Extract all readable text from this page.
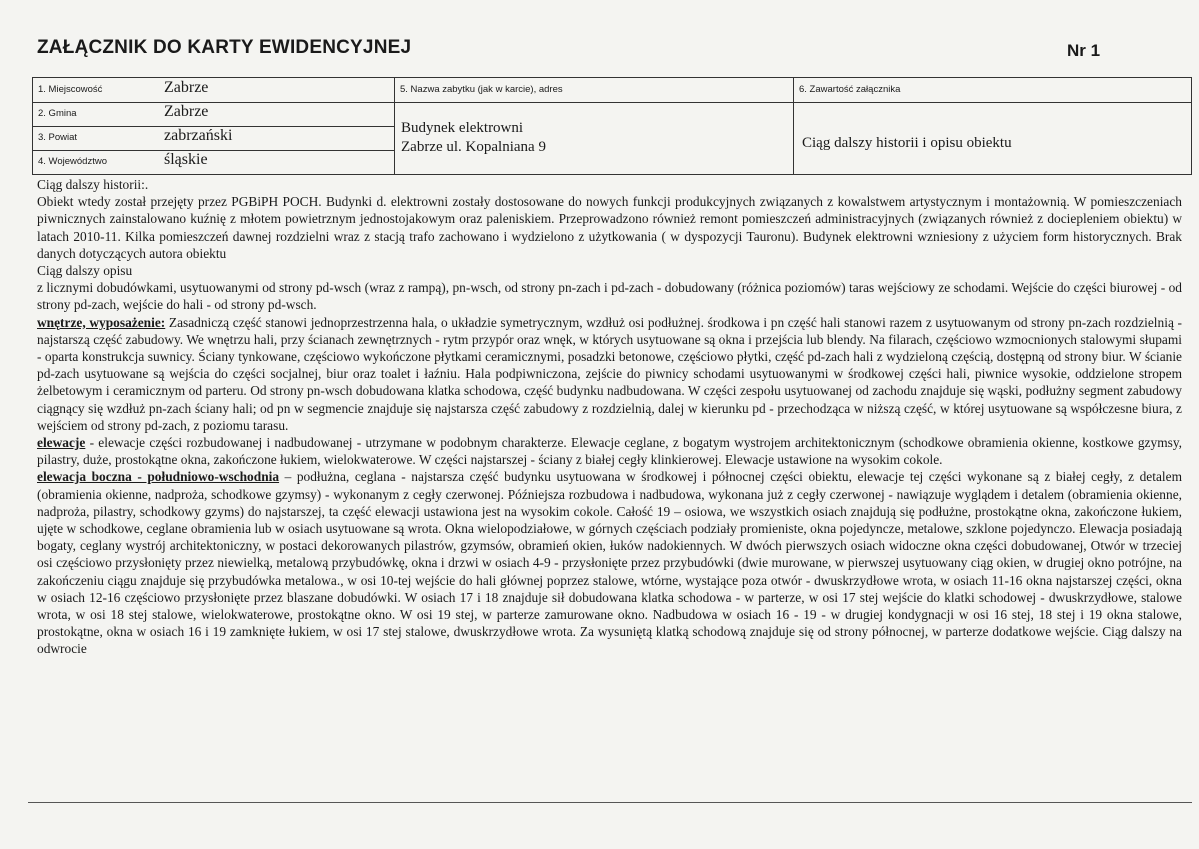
ZAŁĄCZNIK DO KARTY EWIDENCYJNEJ	Nr 1
1. Miejscowość	Zabrze
2. Gmina	Zabrze
3. Powiat	zabrzański
4. Województwo	śląskie
5. Nazwa zabytku (jak w karcie), adres
Budynek elektrowni
Zabrze ul. Kopalniana 9
6. Zawartość załącznika
Ciąg dalszy historii i opisu obiektu

Ciąg dalszy historii:.

Obiekt wtedy został przejęty przez PGBiPH POCH. Budynki d. elektrowni zostały dostosowane do nowych funkcji produkcyjnych związanych z kowalstwem artystycznym i montażownią. W pomieszczeniach piwnicznych zainstalowano kuźnię z młotem powietrznym jednostojakowym oraz paleniskiem. Przeprowadzono również remont pomieszczeń administracyjnych (związanych również z dociepleniem obiektu) w latach 2010-11. Kilka pomieszczeń dawnej rozdzielni wraz z stacją trafo zachowano i wydzielono z użytkowania ( w dyspozycji Tauronu). Budynek elektrowni wzniesiony z użyciem form historycznych. Brak danych dotyczących autora obiektu

Ciąg dalszy opisu

z licznymi dobudówkami, usytuowanymi od strony pd-wsch (wraz z rampą), pn-wsch, od strony pn-zach i pd-zach - dobudowany (różnica poziomów) taras wejściowy ze schodami. Wejście do części biurowej - od strony pd-zach, wejście do hali - od strony pd-wsch.

wnętrze, wyposażenie: Zasadniczą część stanowi jednoprzestrzenna hala, o układzie symetrycznym, wzdłuż osi podłużnej. środkowa i pn część hali stanowi razem z usytuowanym od strony pn-zach rozdzielnią - najstarszą część zabudowy. We wnętrzu hali, przy ścianach zewnętrznych - rytm przypór oraz wnęk, w których usytuowane są okna i przejścia lub blendy. Na filarach, częściowo wzmocnionych stalowymi słupami - oparta konstrukcja suwnicy. Ściany tynkowane, częściowo wykończone płytkami ceramicznymi, posadzki betonowe, częściowo płytki, część pd-zach hali z wydzieloną częścią, dostępną od strony biur. W ścianie pd-zach usytuowane są wejścia do części socjalnej, biur oraz toalet i łaźniu. Hala podpiwniczona, zejście do piwnicy schodami usytuowanymi w środkowej części hali, piwnice wysokie, oddzielone stropem żelbetowym i ceramicznym od parteru. Od strony pn-wsch dobudowana klatka schodowa, część budynku nadbudowana. W części zespołu usytuowanej od zachodu znajduje się wąski, podłużny segment zabudowy ciągnący się wzdłuż pn-zach ściany hali; od pn w segmencie znajduje się najstarsza część zabudowy z rozdzielnią, dalej w kierunku pd - przechodząca w niższą część, w której usytuowane są współczesne biura, z wejściem od strony pd-zach, z poziomu tarasu.

elewacje - elewacje części rozbudowanej i nadbudowanej - utrzymane w podobnym charakterze. Elewacje ceglane, z bogatym wystrojem architektonicznym (schodkowe obramienia okienne, kostkowe gzymsy, pilastry, duże, prostokątne okna, zakończone łukiem, wielokwaterowe. W części najstarszej - ściany z białej cegły klinkierowej. Elewacje ustawione na wysokim cokole.

elewacja boczna - południowo-wschodnia – podłużna, ceglana - najstarsza część budynku usytuowana w środkowej i północnej części obiektu, elewacje tej części wykonane są z białej cegły, z detalem (obramienia okienne, nadproża, schodkowe gzymsy) - wykonanym z cegły czerwonej. Późniejsza rozbudowa i nadbudowa, wykonana już z cegły czerwonej - nawiązuje wyglądem i detalem (obramienia okienne, nadproża, pilastry, schodkowy gzyms) do najstarszej, ta część elewacji ustawiona jest na wysokim cokole. Całość 19 – osiowa, we wszystkich osiach znajdują się podłużne, prostokątne okna, zakończone łukiem, ujęte w schodkowe, ceglane obramienia lub w osiach usytuowane są wrota. Okna wielopodziałowe, w górnych częściach podziały promieniste, okna pojedyncze, metalowe, szklone pojedynczo. Elewacja posiadają bogaty, ceglany wystrój architektoniczny, w postaci dekorowanych pilastrów, gzymsów, obramień okien, łuków nadokiennych. W dwóch pierwszych osiach widoczne okna części dobudowanej, Otwór w trzeciej osi częściowo przysłonięty przez niewielką, metalową przybudówkę, okna i drzwi w osiach 4-9 - przysłonięte przez przybudówki (dwie murowane, w pierwszej usytuowany ciąg okien, w drugiej okno potrójne, na zakończeniu ciągu znajduje się przybudówka metalowa., w osi 10-tej wejście do hali głównej poprzez stalowe, wtórne, wystające poza otwór - dwuskrzydłowe wrota, w osiach 11-16 okna najstarszej części, okna w osiach 12-16 częściowo przysłonięte przez blaszane dobudówki. W osiach 17 i 18 znajduje sił dobudowana klatka schodowa - w parterze, w osi 17 stej wejście do klatki schodowej - dwuskrzydłowe, stalowe wrota, w osi 18 stej stalowe, wielokwaterowe, prostokątne okno. W osi 19 stej, w parterze zamurowane okno. Nadbudowa w osiach 16 - 19 - w drugiej kondygnacji w osi 16 stej, 18 stej i 19 okna stalowe, prostokątne, okna w osiach 16 i 19 zamknięte łukiem, w osi 17 stej stalowe, dwuskrzydłowe wrota. Za wysuniętą klatką schodową znajduje się od strony północnej, w parterze dodatkowe wejście. Ciąg dalszy na odwrocie
